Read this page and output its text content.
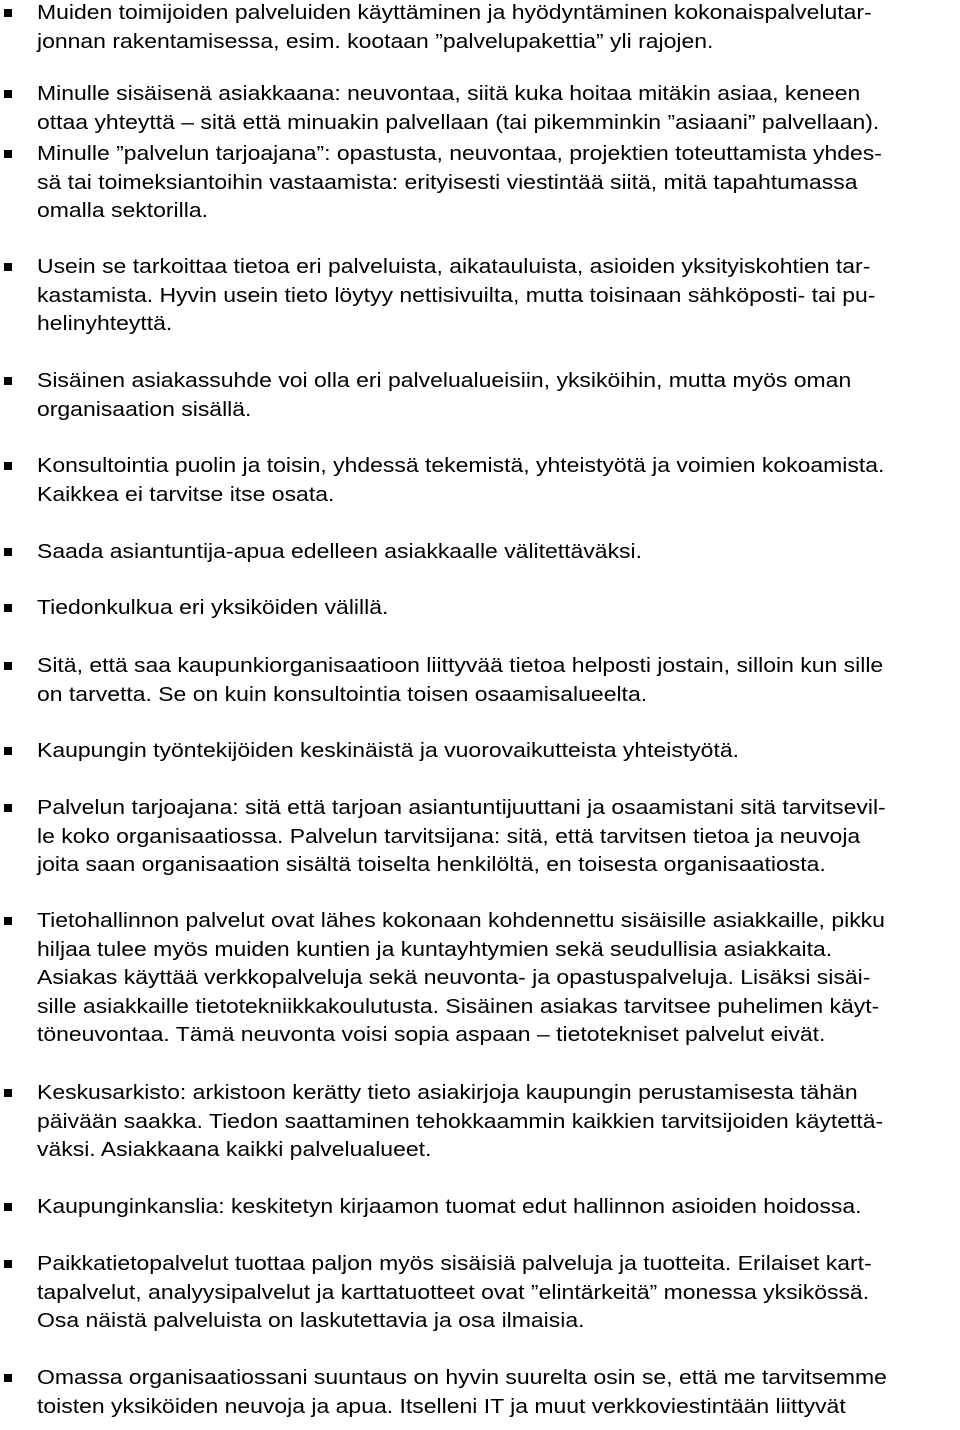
Muiden toimijoiden palveluiden käyttäminen ja hyödyntäminen kokonaispalvelutar-
jonnan rakentamisessa, esim. kootaan ”palvelupakettia” yli rajojen.
Minulle sisäisenä asiakkaana: neuvontaa, siitä kuka hoitaa mitäkin asiaa, keneen
ottaa yhteyttä – sitä että minuakin palvellaan (tai pikemminkin ”asiaani” palvellaan).
Minulle ”palvelun tarjoajana”: opastusta, neuvontaa, projektien toteuttamista yhdes-
sä tai toimeksiantoihin vastaamista: erityisesti viestintää siitä, mitä tapahtumassa
omalla sektorilla.
Usein se tarkoittaa tietoa eri palveluista, aikatauluista, asioiden yksityiskohtien tar-
kastamista. Hyvin usein tieto löytyy nettisivuilta, mutta toisinaan sähköposti- tai pu-
helinyhteyttä.
Sisäinen asiakassuhde voi olla eri palvelualueisiin, yksiköihin, mutta myös oman
organisaation sisällä.
Konsultointia puolin ja toisin, yhdessä tekemistä, yhteistyötä ja voimien kokoamista.
Kaikkea ei tarvitse itse osata.
Saada asiantuntija-apua edelleen asiakkaalle välitettäväksi.
Tiedonkulkua eri yksiköiden välillä.
Sitä, että saa kaupunkiorganisaatioon liittyvää tietoa helposti jostain, silloin kun sille
on tarvetta. Se on kuin konsultointia toisen osaamisalueelta.
Kaupungin työntekijöiden keskinäistä ja vuorovaikutteista yhteistyötä.
Palvelun tarjoajana: sitä että tarjoan asiantuntijuuttani ja osaamistani sitä tarvitsevil-
le koko organisaatiossa. Palvelun tarvitsijana: sitä, että tarvitsen tietoa ja neuvoja
joita saan organisaation sisältä toiselta henkilöltä, en toisesta organisaatiosta.
Tietohallinnon palvelut ovat lähes kokonaan kohdennettu sisäisille asiakkaille, pikku
hiljaa tulee myös muiden kuntien ja kuntayhtymien sekä seudullisia asiakkaita.
Asiakas käyttää verkkopalveluja sekä neuvonta- ja opastuspalveluja. Lisäksi sisäi-
sille asiakkaille tietotekniikkakoulutusta. Sisäinen asiakas tarvitsee puhelimen käyt-
töneuvontaa. Tämä neuvonta voisi sopia aspaan – tietotekniset palvelut eivät.
Keskusarkisto: arkistoon kerätty tieto asiakirjoja kaupungin perustamisesta tähän
päivään saakka. Tiedon saattaminen tehokkaammin kaikkien tarvitsijoiden käytettä-
väksi. Asiakkaana kaikki palvelualueet.
Kaupunginkanslia: keskitetyn kirjaamon tuomat edut hallinnon asioiden hoidossa.
Paikkatietopalvelut tuottaa paljon myös sisäisiä palveluja ja tuotteita. Erilaiset kart-
tapalvelut, analyysipalvelut ja karttatuotteet ovat ”elintärkeitä” monessa yksikössä.
Osa näistä palveluista on laskutettavia ja osa ilmaisia.
Omassa organisaatiossani suuntaus on hyvin suurelta osin se, että me tarvitsemme
toisten yksiköiden neuvoja ja apua. Itselleni IT ja muut verkkoviestintään liittyvät
